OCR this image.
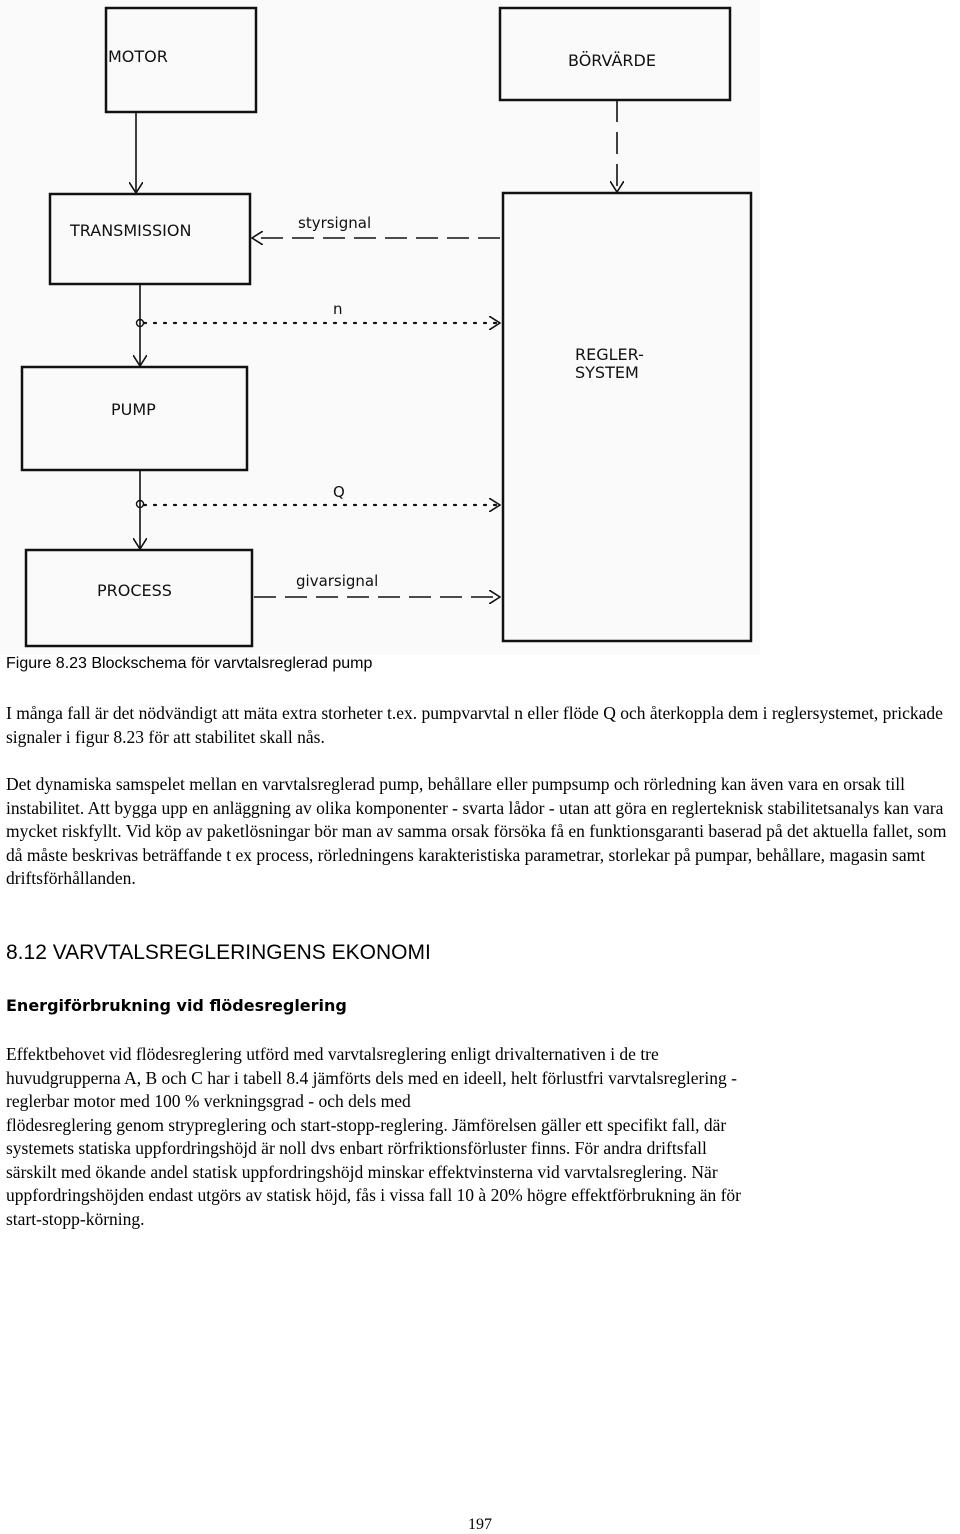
MOTOR	BÖRVÄRDE
TRANSMISSION
PUMP
PROCESS
REGLER-
SYSTEM
styrsignal
n
Q
givarsignal
Figure 8.23 Blockschema för varvtalsreglerad pump

I många fall är det nödvändigt att mäta extra storheter t.ex. pumpvarvtal n eller flöde Q och återkoppla dem i reglersystemet, prickade signaler i figur 8.23 för att stabilitet skall nås.

Det dynamiska samspelet mellan en varvtalsreglerad pump, behållare eller pumpsump och rörledning kan även vara en orsak till instabilitet. Att bygga upp en anläggning av olika komponenter - svarta lådor - utan att göra en reglerteknisk stabilitetsanalys kan vara mycket riskfyllt. Vid köp av paketlösningar bör man av samma orsak försöka få en funktionsgaranti baserad på det aktuella fallet, som då måste beskrivas beträffande t ex process, rörledningens karakteristiska parametrar, storlekar på pumpar, behållare, magasin samt driftsförhållanden.

8.12 VARVTALSREGLERINGENS EKONOMI
Energiförbrukning vid flödesreglering
Effektbehovet vid flödesreglering utförd med varvtalsreglering enligt drivalternativen i de tre
huvudgrupperna A, B och C har i tabell 8.4 jämförts dels med en ideell, helt förlustfri varvtalsreglering -
reglerbar motor med 100 % verkningsgrad - och dels med
flödesreglering genom strypreglering och start-stopp-reglering. Jämförelsen gäller ett specifikt fall, där
systemets statiska uppfordringshöjd är noll dvs enbart rörfriktionsförluster finns. För andra driftsfall
särskilt med ökande andel statisk uppfordringshöjd minskar effektvinsterna vid varvtalsreglering. När
uppfordringshöjden endast utgörs av statisk höjd, fås i vissa fall 10 à 20% högre effektförbrukning än för
start-stopp-körning.
197
